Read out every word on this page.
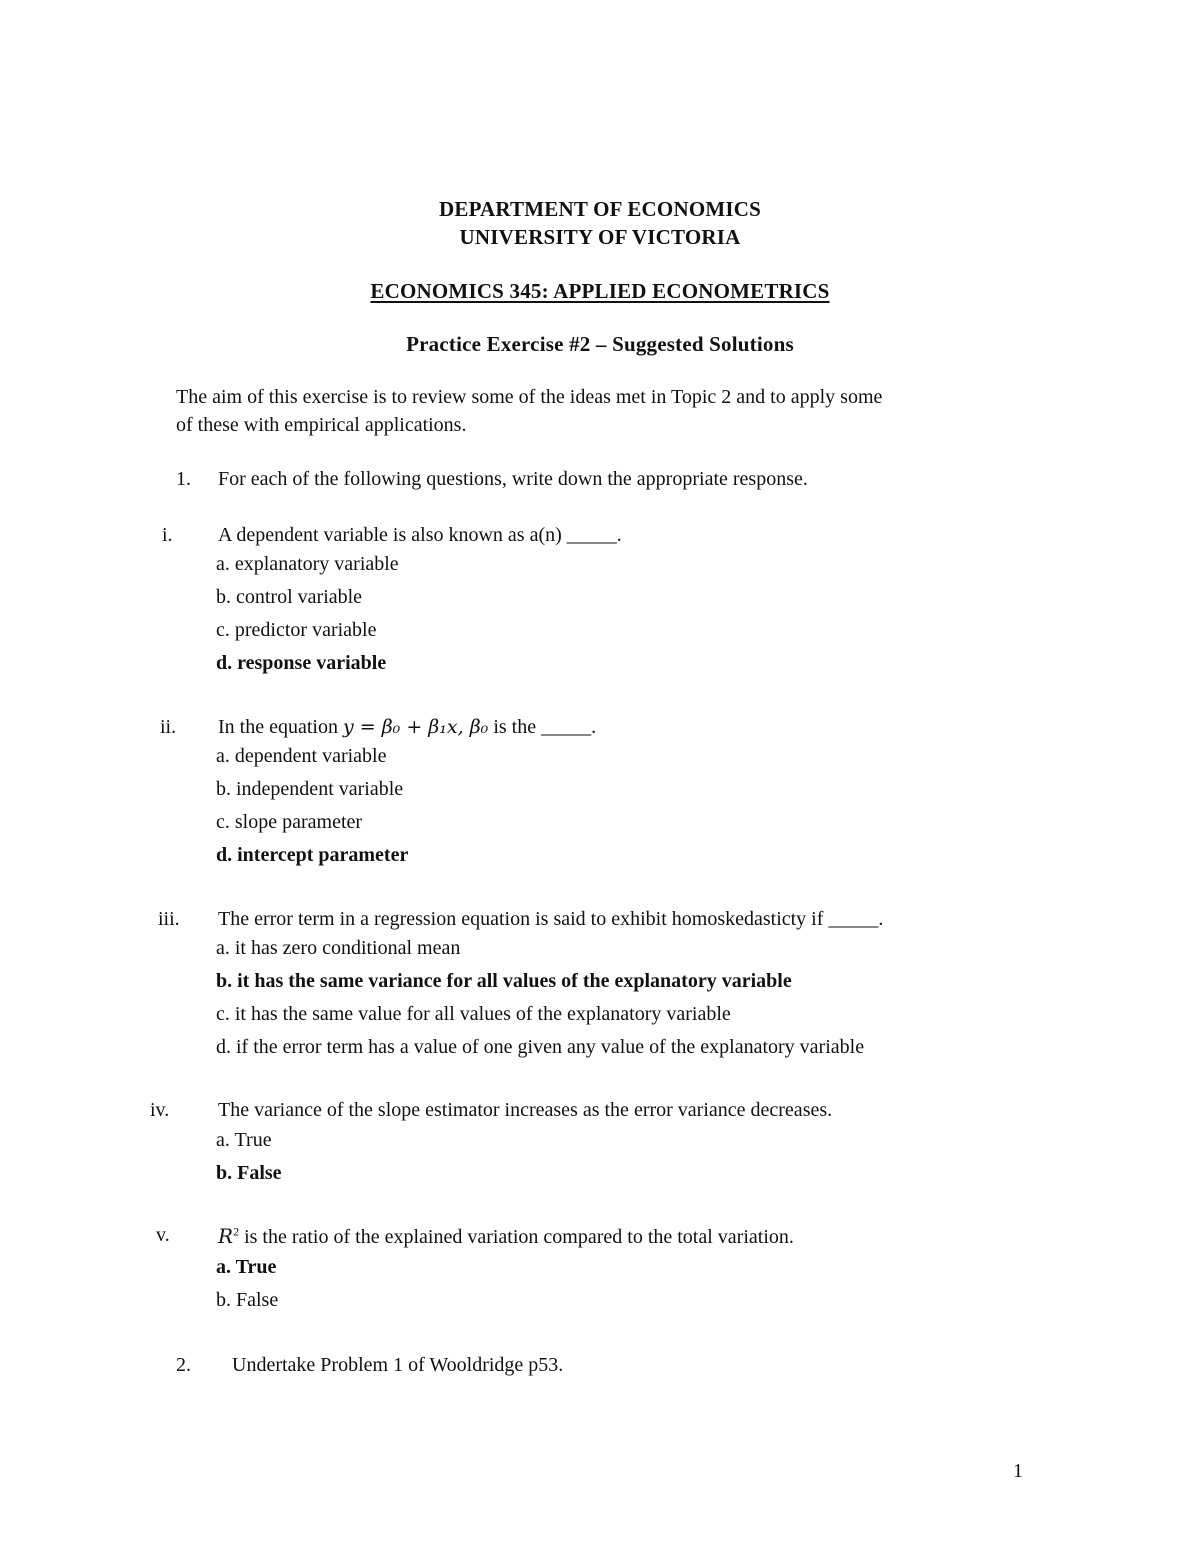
DEPARTMENT OF ECONOMICS
UNIVERSITY OF VICTORIA
ECONOMICS 345: APPLIED ECONOMETRICS
Practice Exercise #2 – Suggested Solutions
The aim of this exercise is to review some of the ideas met in Topic 2 and to apply some
of these with empirical applications.
1. For each of the following questions, write down the appropriate response.
i. A dependent variable is also known as a(n) _____.
a. explanatory variable
b. control variable
c. predictor variable
d. response variable
ii. In the equation y = β₀ + β₁x, β₀ is the _____.
a. dependent variable
b. independent variable
c. slope parameter
d. intercept parameter
iii. The error term in a regression equation is said to exhibit homoskedasticty if _____.
a. it has zero conditional mean
b. it has the same variance for all values of the explanatory variable
c. it has the same value for all values of the explanatory variable
d. if the error term has a value of one given any value of the explanatory variable
iv. The variance of the slope estimator increases as the error variance decreases.
a. True
b. False
v. $R^2$ is the ratio of the explained variation compared to the total variation.
a. True
b. False
2. Undertake Problem 1 of Wooldridge p53.
1
